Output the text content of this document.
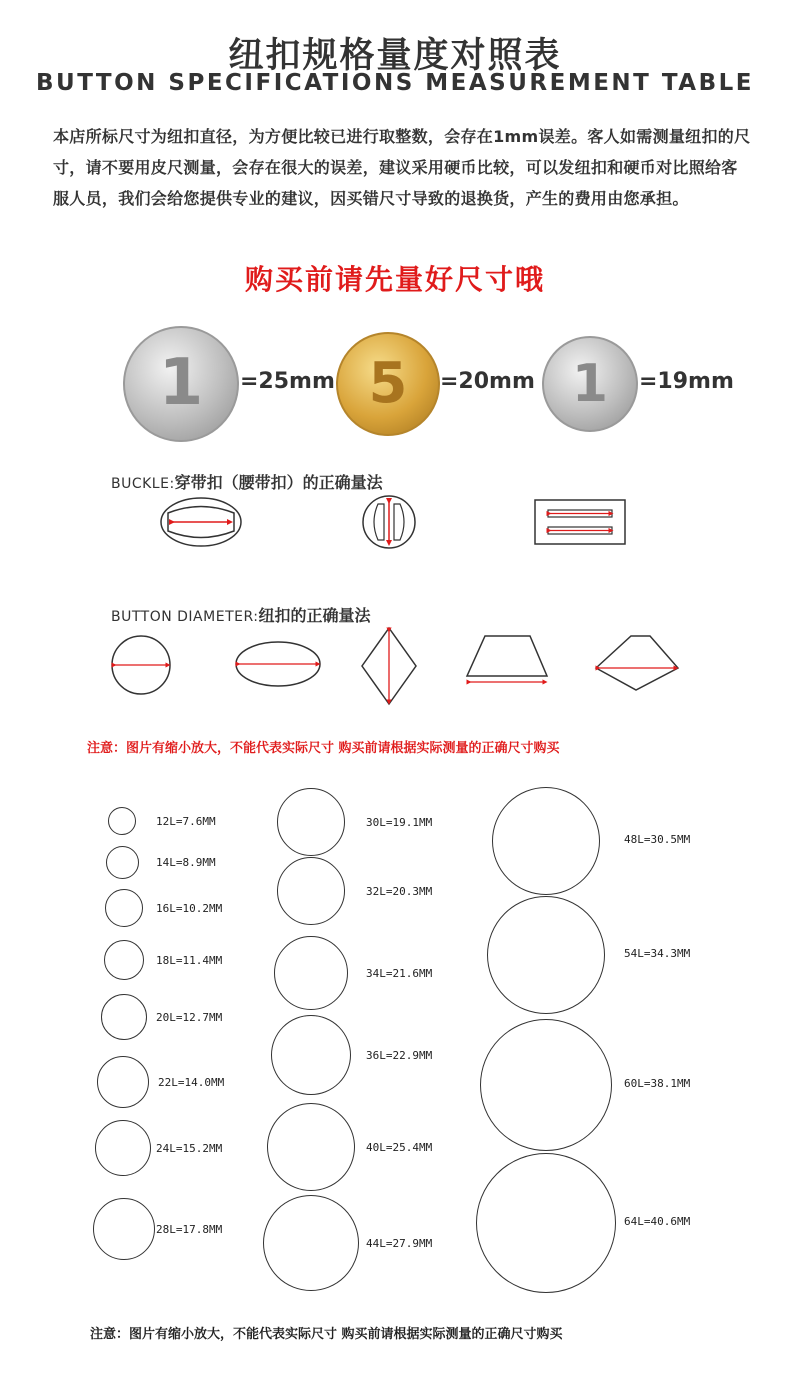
纽扣规格量度对照表
BUTTON SPECIFICATIONS MEASUREMENT TABLE
本店所标尺寸为纽扣直径，为方便比较已进行取整数，会存在1mm误差。客人如需测量纽扣的尺寸，请不要用皮尺测量，会存在很大的误差，建议采用硬币比较，可以发纽扣和硬币对比照给客服人员，我们会给您提供专业的建议，因买错尺寸导致的退换货，产生的费用由您承担。
购买前请先量好尺寸哦
1	=25mm 5	=20mm 1	=19mm
BUCKLE:穿带扣（腰带扣）的正确量法
BUTTON DIAMETER:纽扣的正确量法
注意：图片有缩小放大，不能代表实际尺寸 购买前请根据实际测量的正确尺寸购买
12L=7.6MM
14L=8.9MM
16L=10.2MM
18L=11.4MM
20L=12.7MM
22L=14.0MM
24L=15.2MM
28L=17.8MM
30L=19.1MM
32L=20.3MM
34L=21.6MM
36L=22.9MM
40L=25.4MM
44L=27.9MM
48L=30.5MM
54L=34.3MM
60L=38.1MM
64L=40.6MM
注意：图片有缩小放大，不能代表实际尺寸 购买前请根据实际测量的正确尺寸购买
